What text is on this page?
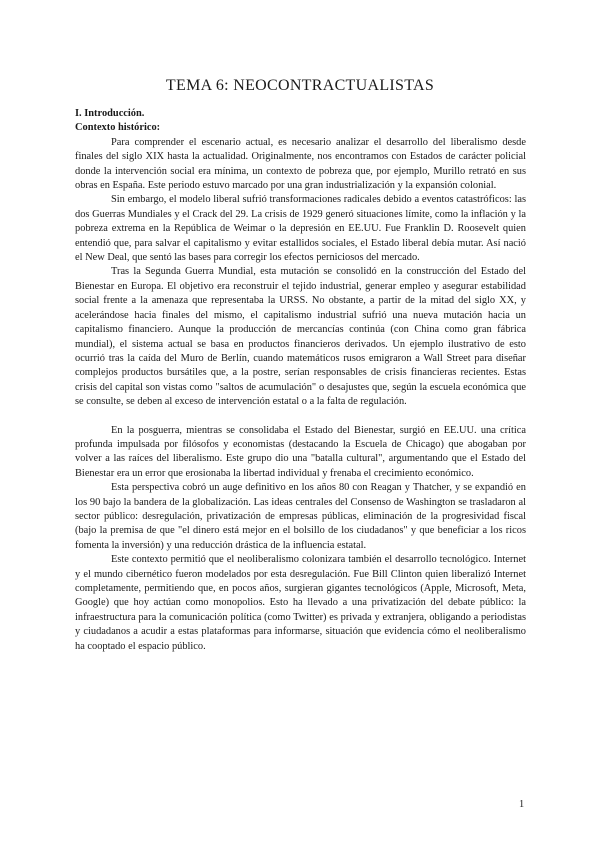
TEMA 6: NEOCONTRACTUALISTAS
I. Introducción.
Contexto histórico:

Para comprender el escenario actual, es necesario analizar el desarrollo del liberalismo desde finales del siglo XIX hasta la actualidad. Originalmente, nos encontramos con Estados de carácter policial donde la intervención social era mínima, un contexto de pobreza que, por ejemplo, Murillo retrató en sus obras en España. Este periodo estuvo marcado por una gran industrialización y la expansión colonial.

Sin embargo, el modelo liberal sufrió transformaciones radicales debido a eventos catastróficos: las dos Guerras Mundiales y el Crack del 29. La crisis de 1929 generó situaciones límite, como la inflación y la pobreza extrema en la República de Weimar o la depresión en EE.UU. Fue Franklin D. Roosevelt quien entendió que, para salvar el capitalismo y evitar estallidos sociales, el Estado liberal debía mutar. Así nació el New Deal, que sentó las bases para corregir los efectos perniciosos del mercado.

Tras la Segunda Guerra Mundial, esta mutación se consolidó en la construcción del Estado del Bienestar en Europa. El objetivo era reconstruir el tejido industrial, generar empleo y asegurar estabilidad social frente a la amenaza que representaba la URSS. No obstante, a partir de la mitad del siglo XX, y acelerándose hacia finales del mismo, el capitalismo industrial sufrió una nueva mutación hacia un capitalismo financiero. Aunque la producción de mercancías continúa (con China como gran fábrica mundial), el sistema actual se basa en productos financieros derivados. Un ejemplo ilustrativo de esto ocurrió tras la caída del Muro de Berlín, cuando matemáticos rusos emigraron a Wall Street para diseñar complejos productos bursátiles que, a la postre, serían responsables de crisis financieras recientes. Estas crisis del capital son vistas como "saltos de acumulación" o desajustes que, según la escuela económica que se consulte, se deben al exceso de intervención estatal o a la falta de regulación.

En la posguerra, mientras se consolidaba el Estado del Bienestar, surgió en EE.UU. una crítica profunda impulsada por filósofos y economistas (destacando la Escuela de Chicago) que abogaban por volver a las raíces del liberalismo. Este grupo dio una "batalla cultural", argumentando que el Estado del Bienestar era un error que erosionaba la libertad individual y frenaba el crecimiento económico.

Esta perspectiva cobró un auge definitivo en los años 80 con Reagan y Thatcher, y se expandió en los 90 bajo la bandera de la globalización. Las ideas centrales del Consenso de Washington se trasladaron al sector público: desregulación, privatización de empresas públicas, eliminación de la progresividad fiscal (bajo la premisa de que "el dinero está mejor en el bolsillo de los ciudadanos" y que beneficiar a los ricos fomenta la inversión) y una reducción drástica de la influencia estatal.

Este contexto permitió que el neoliberalismo colonizara también el desarrollo tecnológico. Internet y el mundo cibernético fueron modelados por esta desregulación. Fue Bill Clinton quien liberalizó Internet completamente, permitiendo que, en pocos años, surgieran gigantes tecnológicos (Apple, Microsoft, Meta, Google) que hoy actúan como monopolios. Esto ha llevado a una privatización del debate público: la infraestructura para la comunicación política (como Twitter) es privada y extranjera, obligando a periodistas y ciudadanos a acudir a estas plataformas para informarse, situación que evidencia cómo el neoliberalismo ha cooptado el espacio público.

1
